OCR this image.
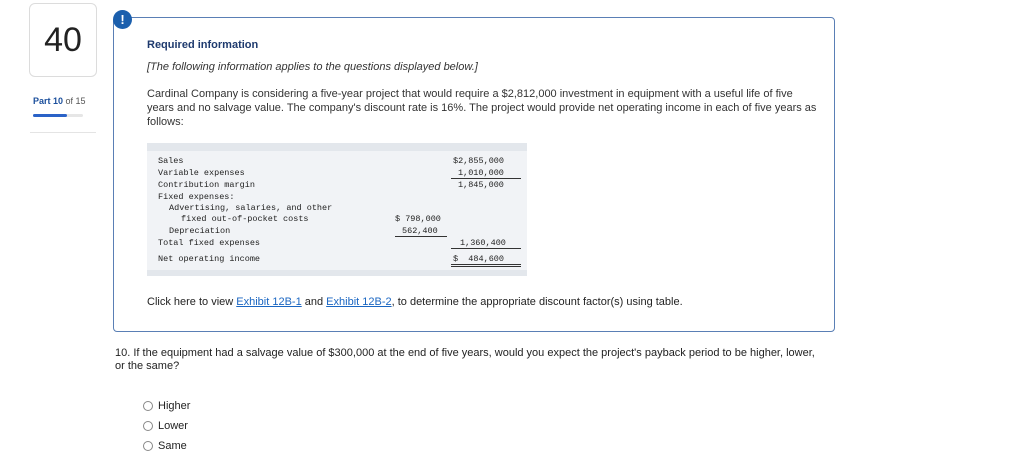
40
Part 10 of 15
!
Required information
[The following information applies to the questions displayed below.]
Cardinal Company is considering a five-year project that would require a $2,812,000 investment in equipment with a useful life of five years and no salvage value. The company's discount rate is 16%. The project would provide net operating income in each of five years as follows:
Sales	$2,855,000
Variable expenses	1,010,000
Contribution margin	1,845,000
Fixed expenses:
Advertising, salaries, and other
fixed out-of-pocket costs	$ 798,000
Depreciation	562,400
Total fixed expenses	1,360,400
Net operating income	$  484,600
Click here to view Exhibit 12B-1 and Exhibit 12B-2, to determine the appropriate discount factor(s) using table.
10. If the equipment had a salvage value of $300,000 at the end of five years, would you expect the project's payback period to be higher, lower, or the same?
Higher
Lower
Same
